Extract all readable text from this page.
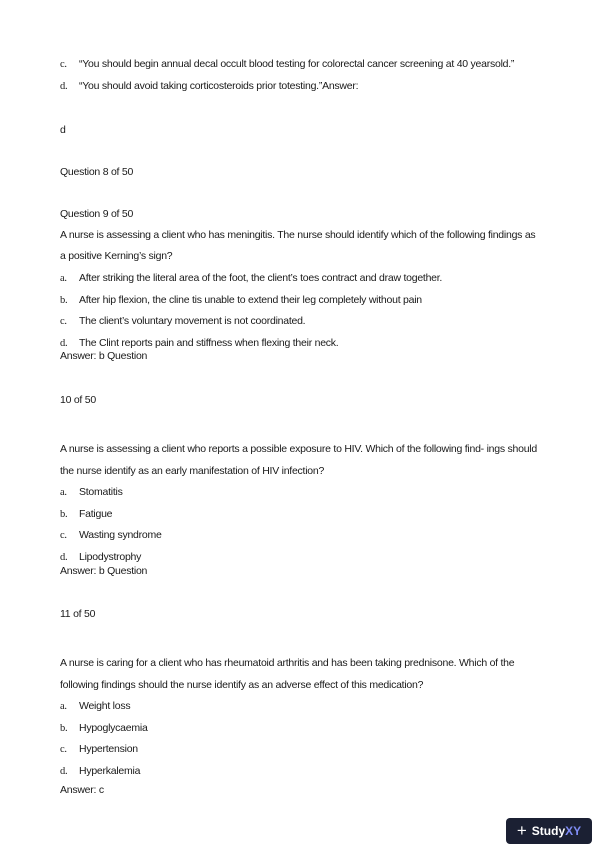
c. “You should begin annual decal occult blood testing for colorectal cancer screening at 40 yearsold.”
d. “You should avoid taking corticosteroids prior totesting.”Answer:
d
Question 8 of 50
Question 9 of 50
A nurse is assessing a client who has meningitis. The nurse should identify which of the following findings as
a positive Kerning’s sign?
a. After striking the literal area of the foot, the client’s toes contract and draw together.
b. After hip flexion, the cline tis unable to extend their leg completely without pain
c. The client’s voluntary movement is not coordinated.
d. The Clint reports pain and stiffness when flexing their neck.
Answer: b Question
10 of 50
A nurse is assessing a client who reports a possible exposure to HIV. Which of the following find- ings should
the nurse identify as an early manifestation of HIV infection?
a. Stomatitis
b. Fatigue
c. Wasting syndrome
d. Lipodystrophy
Answer: b Question
11 of 50
A nurse is caring for a client who has rheumatoid arthritis and has been taking prednisone. Which of the
following findings should the nurse identify as an adverse effect of this medication?
a. Weight loss
b. Hypoglycaemia
c. Hypertension
d. Hyperkalemia
Answer: c
+ StudyXY
